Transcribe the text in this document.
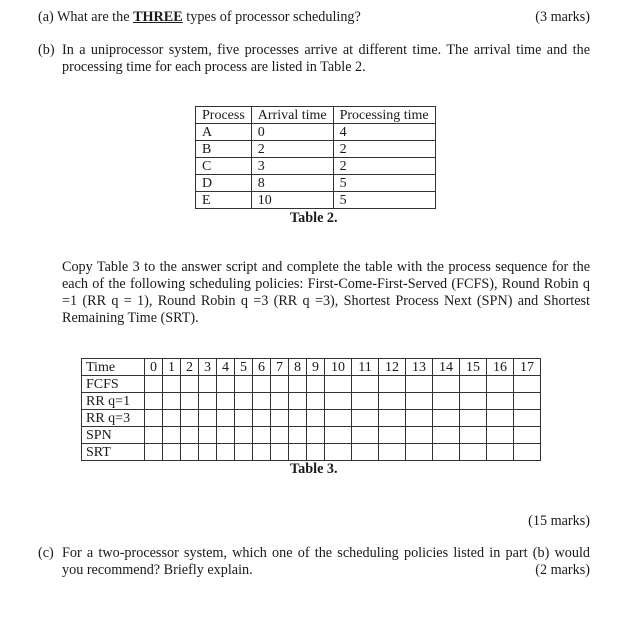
(a) What are the THREE types of processor scheduling?	(3 marks)
(b) In a uniprocessor system, five processes arrive at different time. The arrival time and the
processing time for each process are listed in Table 2.
Process	Arrival time	Processing time
A	0	4
B	2	2
C	3	2
D	8	5
E	10	5
Table 2.
Copy Table 3 to the answer script and complete the table with the process sequence for the
each of the following scheduling policies: First-Come-First-Served (FCFS), Round Robin q
=1 (RR q = 1), Round Robin q =3 (RR q =3), Shortest Process Next (SPN) and Shortest
Remaining Time (SRT).
Time	0	1	2	3	4	5	6	7	8	9	10	11	12	13	14	15	16	17
FCFS																		
RR q=1																		
RR q=3																		
SPN																		
SRT																		
Table 3.
(15 marks)
(c) For a two-processor system, which one of the scheduling policies listed in part (b) would
you recommend? Briefly explain.	(2 marks)
